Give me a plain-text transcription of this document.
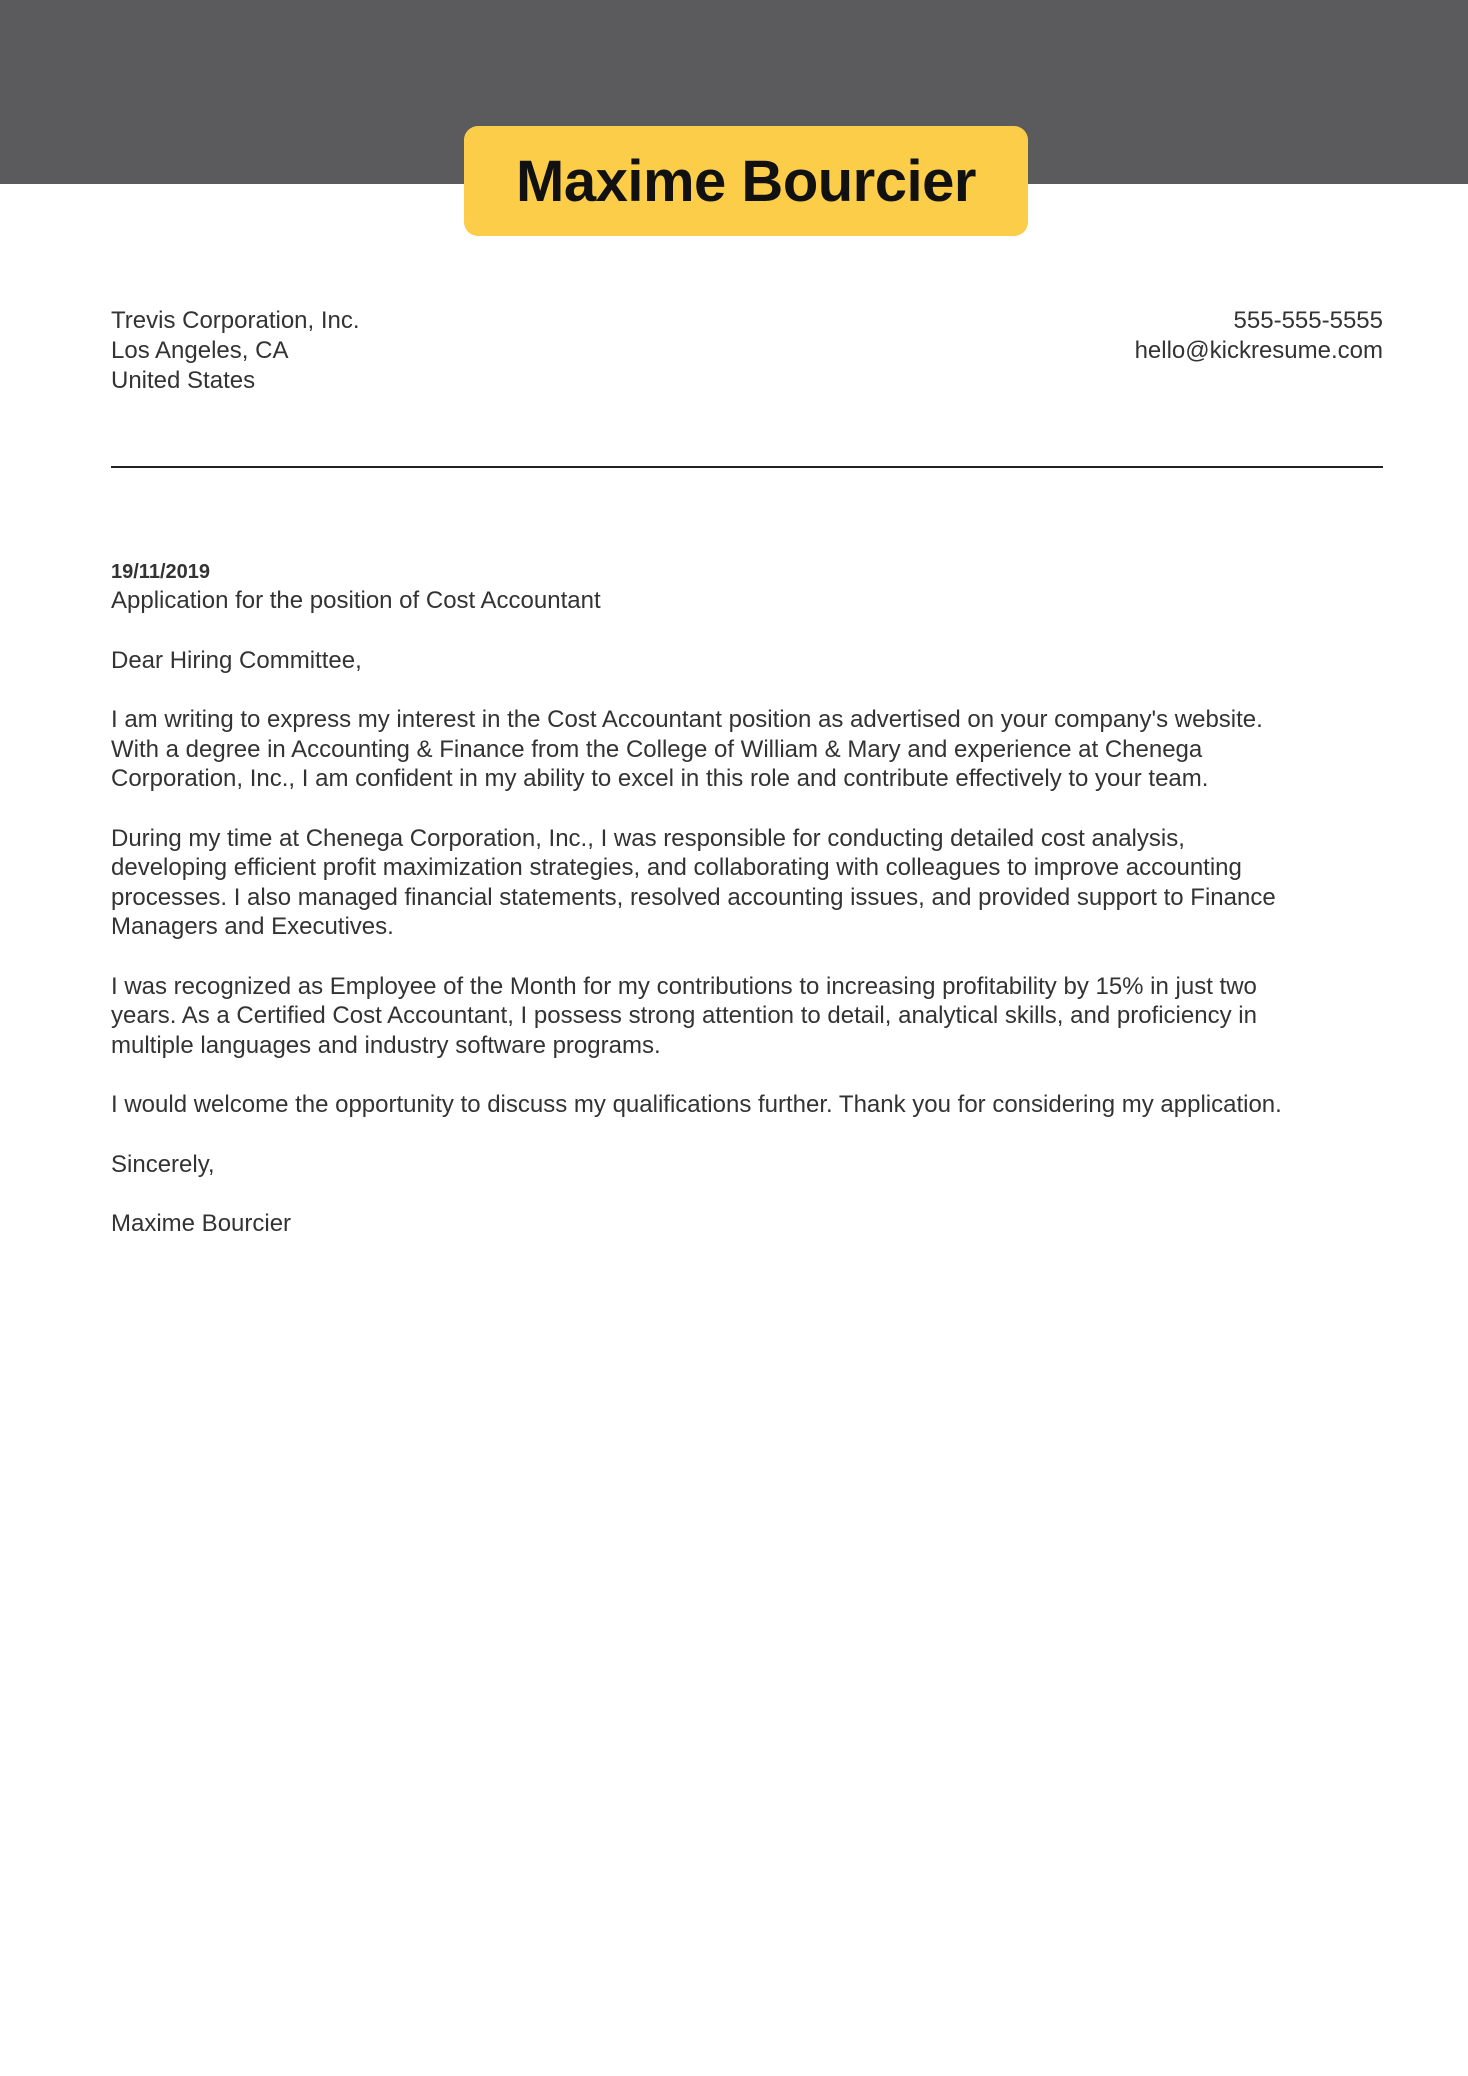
Maxime Bourcier
Trevis Corporation, Inc.
Los Angeles, CA
United States
555-555-5555
hello@kickresume.com
19/11/2019
Application for the position of Cost Accountant
Dear Hiring Committee,
I am writing to express my interest in the Cost Accountant position as advertised on your company's website.
With a degree in Accounting & Finance from the College of William & Mary and experience at Chenega
Corporation, Inc., I am confident in my ability to excel in this role and contribute effectively to your team.
During my time at Chenega Corporation, Inc., I was responsible for conducting detailed cost analysis,
developing efficient profit maximization strategies, and collaborating with colleagues to improve accounting
processes. I also managed financial statements, resolved accounting issues, and provided support to Finance
Managers and Executives.
I was recognized as Employee of the Month for my contributions to increasing profitability by 15% in just two
years. As a Certified Cost Accountant, I possess strong attention to detail, analytical skills, and proficiency in
multiple languages and industry software programs.
I would welcome the opportunity to discuss my qualifications further. Thank you for considering my application.
Sincerely,
Maxime Bourcier
